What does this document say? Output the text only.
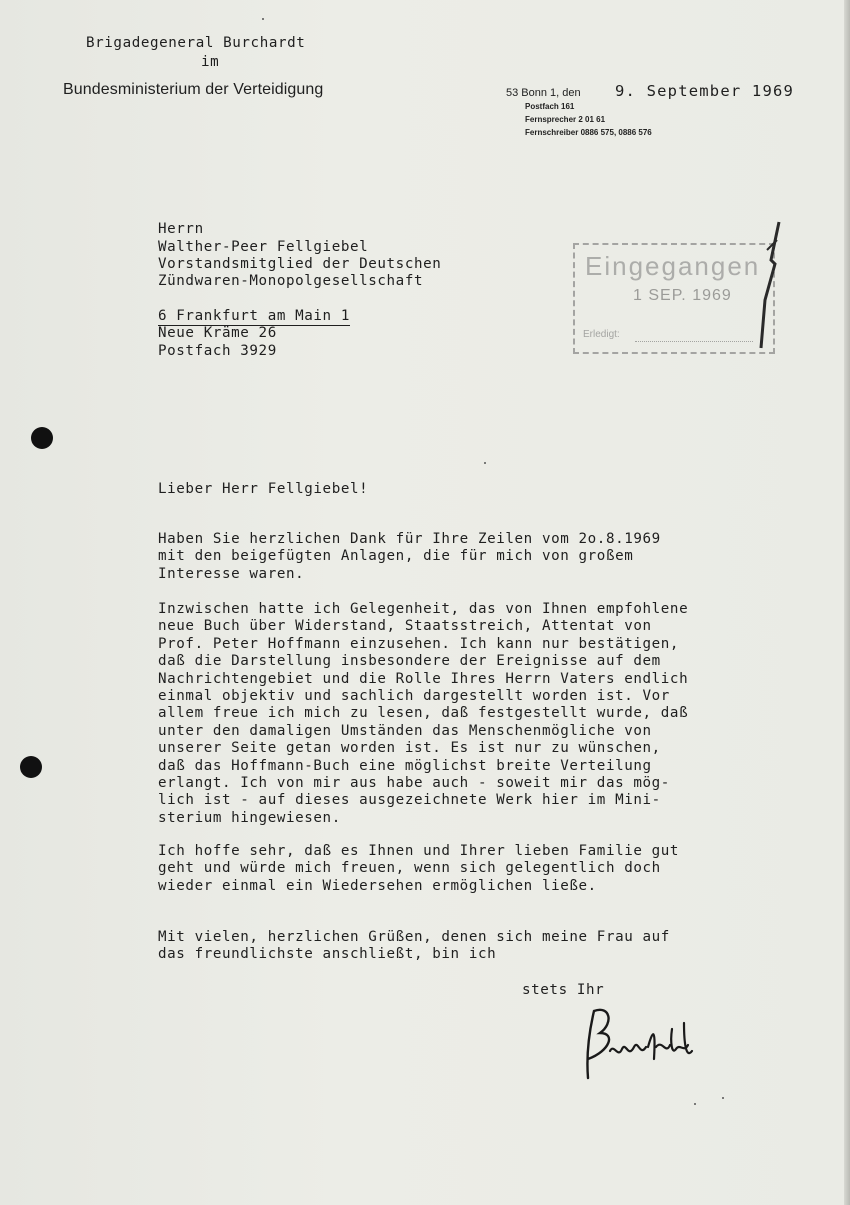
Brigadegeneral Burchardt
im
Bundesministerium der Verteidigung	53 Bonn 1, den 9. September 1969
Postfach 161
Fernsprecher 2 01 61
Fernschreiber 0886 575, 0886 576
Herrn
Walther-Peer Fellgiebel
Vorstandsmitglied der Deutschen
Zündwaren-Monopolgesellschaft
6 Frankfurt am Main 1
Neue Kräme 26
Postfach 3929
Eingegangen
1 SEP. 1969
Erledigt:
Lieber Herr Fellgiebel!
Haben Sie herzlichen Dank für Ihre Zeilen vom 2o.8.1969
mit den beigefügten Anlagen, die für mich von großem
Interesse waren.
Inzwischen hatte ich Gelegenheit, das von Ihnen empfohlene
neue Buch über Widerstand, Staatsstreich, Attentat von
Prof. Peter Hoffmann einzusehen. Ich kann nur bestätigen,
daß die Darstellung insbesondere der Ereignisse auf dem
Nachrichtengebiet und die Rolle Ihres Herrn Vaters endlich
einmal objektiv und sachlich dargestellt worden ist. Vor
allem freue ich mich zu lesen, daß festgestellt wurde, daß
unter den damaligen Umständen das Menschenmögliche von
unserer Seite getan worden ist. Es ist nur zu wünschen,
daß das Hoffmann-Buch eine möglichst breite Verteilung
erlangt. Ich von mir aus habe auch - soweit mir das mög-
lich ist - auf dieses ausgezeichnete Werk hier im Mini-
sterium hingewiesen.
Ich hoffe sehr, daß es Ihnen und Ihrer lieben Familie gut
geht und würde mich freuen, wenn sich gelegentlich doch
wieder einmal ein Wiedersehen ermöglichen ließe.
Mit vielen, herzlichen Grüßen, denen sich meine Frau auf
das freundlichste anschließt, bin ich
stets Ihr
